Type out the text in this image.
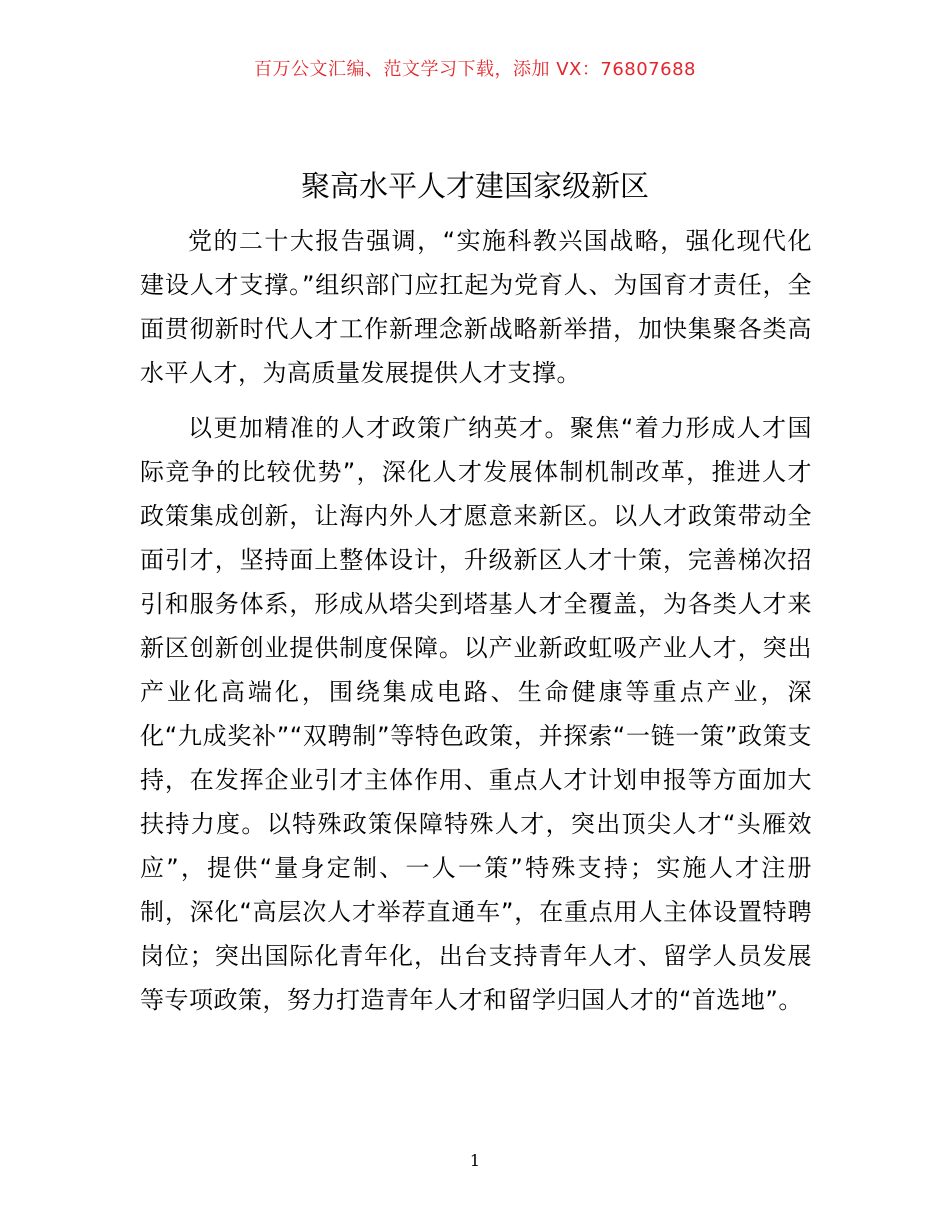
百万公文汇编、范文学习下载，添加 VX：76807688
聚高水平人才建国家级新区

党的二十大报告强调，“实施科教兴国战略，强化现代化建设人才支撑。”组织部门应扛起为党育人、为国育才责任，全面贯彻新时代人才工作新理念新战略新举措，加快集聚各类高水平人才，为高质量发展提供人才支撑。

以更加精准的人才政策广纳英才。聚焦“着力形成人才国际竞争的比较优势”，深化人才发展体制机制改革，推进人才政策集成创新，让海内外人才愿意来新区。以人才政策带动全面引才，坚持面上整体设计，升级新区人才十策，完善梯次招引和服务体系，形成从塔尖到塔基人才全覆盖，为各类人才来新区创新创业提供制度保障。以产业新政虹吸产业人才，突出产业化高端化，围绕集成电路、生命健康等重点产业，深化“九成奖补”“双聘制”等特色政策，并探索“一链一策”政策支持，在发挥企业引才主体作用、重点人才计划申报等方面加大扶持力度。以特殊政策保障特殊人才，突出顶尖人才“头雁效应”，提供“量身定制、一人一策”特殊支持；实施人才注册制，深化“高层次人才举荐直通车”，在重点用人主体设置特聘岗位；突出国际化青年化，出台支持青年人才、留学人员发展等专项政策，努力打造青年人才和留学归国人才的“首选地”。

1
